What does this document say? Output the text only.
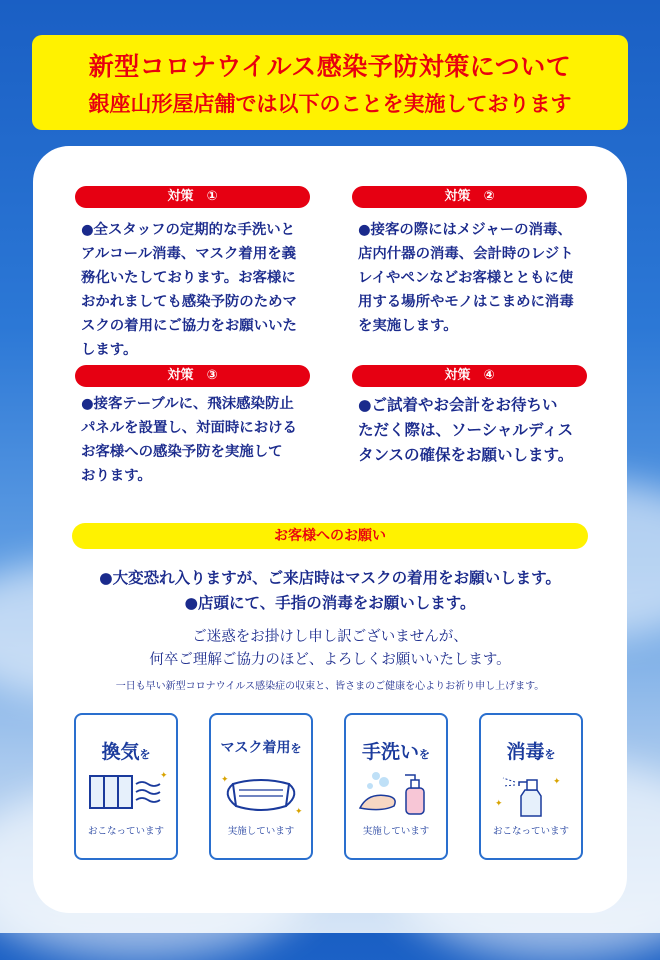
新型コロナウイルス感染予防対策について
銀座山形屋店舗では以下のことを実施しております
対策　①
●全スタッフの定期的な手洗いと
アルコール消毒、マスク着用を義
務化いたしております。お客様に
おかれましても感染予防のためマ
スクの着用にご協力をお願いいた
します。
対策　②
●接客の際にはメジャーの消毒、
店内什器の消毒、会計時のレジト
レイやペンなどお客様とともに使
用する場所やモノはこまめに消毒
を実施します。
対策　③
●接客テーブルに、飛沫感染防止
パネルを設置し、対面時における
お客様への感染予防を実施して
おります。
対策　④
●ご試着やお会計をお待ちい
ただく際は、ソーシャルディス
タンスの確保をお願いします。
お客様へのお願い
●大変恐れ入りますが、ご来店時はマスクの着用をお願いします。
●店頭にて、手指の消毒をお願いします。
ご迷惑をお掛けし申し訳ございませんが、
何卒ご理解ご協力のほど、よろしくお願いいたします。
一日も早い新型コロナウイルス感染症の収束と、皆さまのご健康を心よりお祈り申し上げます。
換気を
✦
おこなっています
マスク着用を
✦
✦
実施しています
手洗いを
実施しています
消毒を
✦
✦
おこなっています
